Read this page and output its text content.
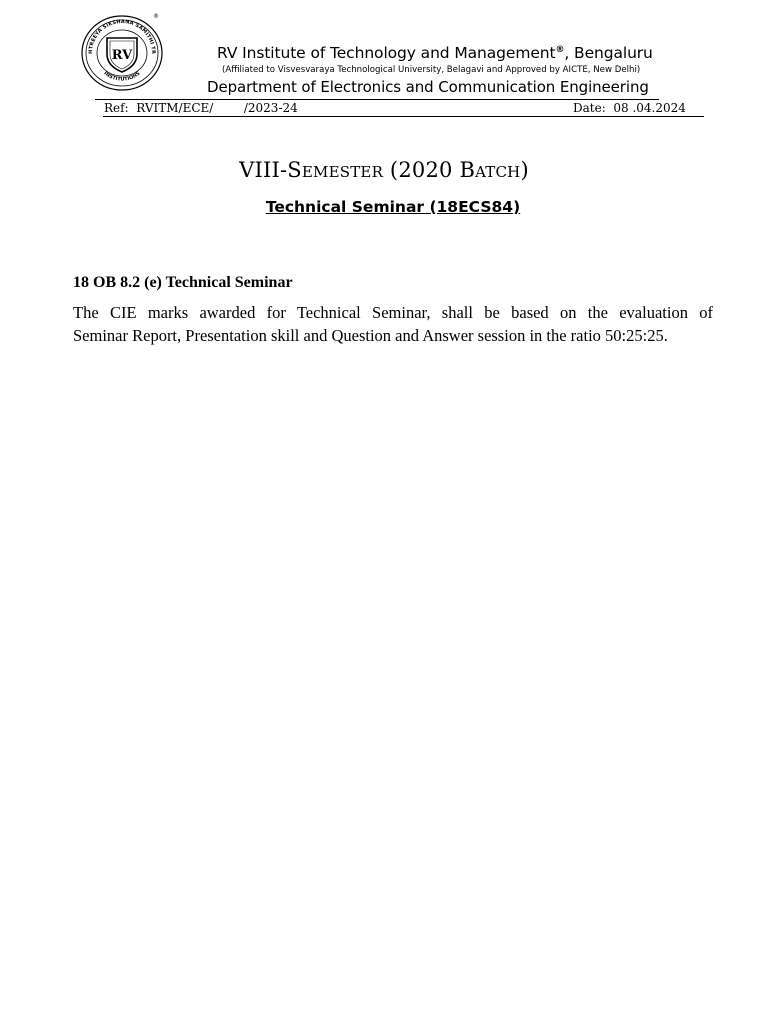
HTREEYA SIKSHANA SAMITHI TR
INSTITUTIONS
RV
®
RV Institute of Technology and Management®, Bengaluru
(Affiliated to Visvesvaraya Technological University, Belagavi and Approved by AICTE, New Delhi)
Department of Electronics and Communication Engineering
Ref:  RVITM/ECE/        /2023-24	Date:  08 .04.2024
VIII-Semester (2020 Batch)
Technical Seminar (18ECS84)
18 OB 8.2 (e) Technical Seminar
The CIE marks awarded for Technical Seminar, shall be based on the evaluation of
Seminar Report, Presentation skill and Question and Answer session in the ratio 50:25:25.
